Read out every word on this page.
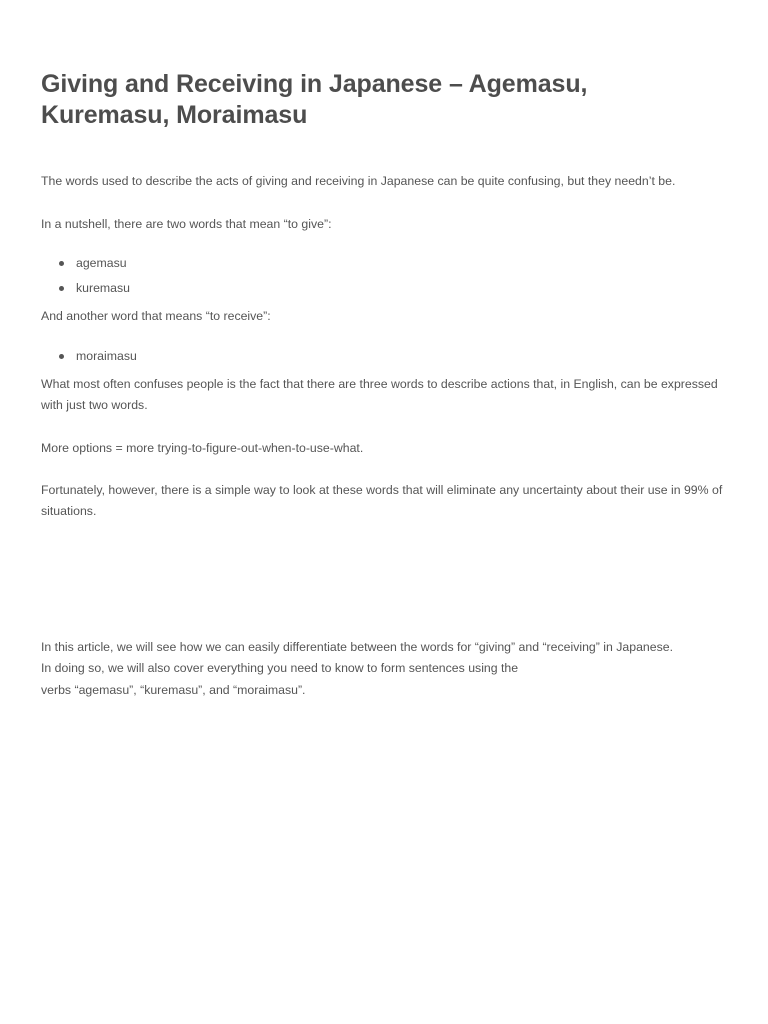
Giving and Receiving in Japanese – Agemasu, Kuremasu, Moraimasu

The words used to describe the acts of giving and receiving in Japanese can be quite confusing, but they needn’t be.

In a nutshell, there are two words that mean “to give”:

agemasu
kuremasu

And another word that means “to receive”:

moraimasu

What most often confuses people is the fact that there are three words to describe actions that, in English, can be expressed with just two words.

More options = more trying-to-figure-out-when-to-use-what.

Fortunately, however, there is a simple way to look at these words that will eliminate any uncertainty about their use in 99% of situations.

In this article, we will see how we can easily differentiate between the words for “giving” and “receiving” in Japanese.

In doing so, we will also cover everything you need to know to form sentences using the

verbs “agemasu”, “kuremasu”, and “moraimasu”.
